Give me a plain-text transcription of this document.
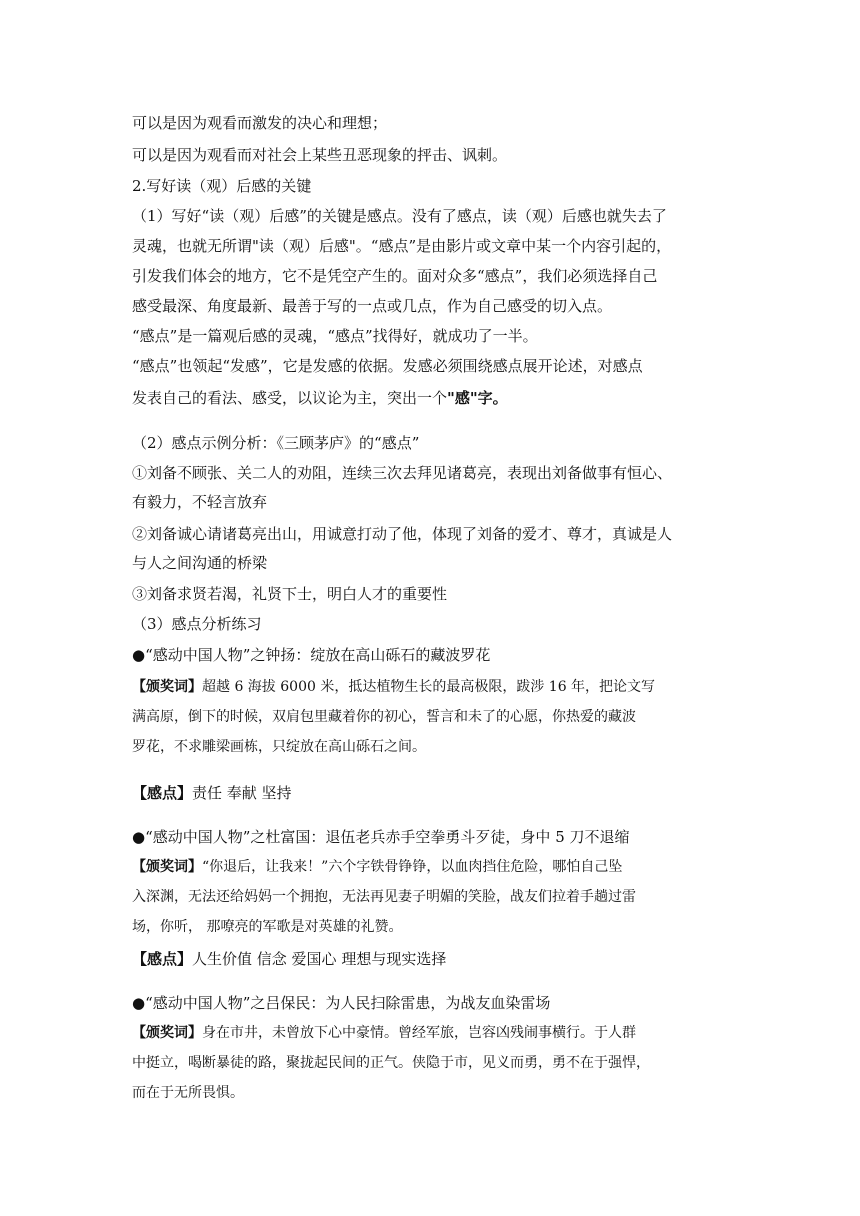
可以是因为观看而激发的决心和理想；

可以是因为观看而对社会上某些丑恶现象的抨击、讽刺。

2.写好读（观）后感的关键

（1）写好“读（观）后感”的关键是感点。没有了感点，读（观）后感也就失去了

灵魂，也就无所谓"读（观）后感"。“感点”是由影片或文章中某一个内容引起的，

引发我们体会的地方，它不是凭空产生的。面对众多“感点”，我们必须选择自己

感受最深、角度最新、最善于写的一点或几点，作为自己感受的切入点。

“感点”是一篇观后感的灵魂，“感点”找得好，就成功了一半。

“感点”也领起“发感”，它是发感的依据。发感必须围绕感点展开论述，对感点

发表自己的看法、感受，以议论为主，突出一个"感"字。

（2）感点示例分析：《三顾茅庐》的“感点”

①刘备不顾张、关二人的劝阻，连续三次去拜见诸葛亮，表现出刘备做事有恒心、

有毅力，不轻言放弃

②刘备诚心请诸葛亮出山，用诚意打动了他，体现了刘备的爱才、尊才，真诚是人

与人之间沟通的桥梁

③刘备求贤若渴，礼贤下士，明白人才的重要性

（3）感点分析练习

●“感动中国人物”之钟扬：绽放在高山砾石的藏波罗花

【颁奖词】超越 6 海拔 6000 米，抵达植物生长的最高极限，跋涉 16 年，把论文写

满高原，倒下的时候，双肩包里藏着你的初心，誓言和未了的心愿，你热爱的藏波

罗花，不求雕梁画栋，只绽放在高山砾石之间。

【感点】责任 奉献 坚持

●“感动中国人物”之杜富国：退伍老兵赤手空拳勇斗歹徒，身中 5 刀不退缩

【颁奖词】“你退后，让我来！”六个字铁骨铮铮，以血肉挡住危险，哪怕自己坠

入深渊，无法还给妈妈一个拥抱，无法再见妻子明媚的笑脸，战友们拉着手趟过雷

场，你听， 那嘹亮的军歌是对英雄的礼赞。

【感点】人生价值 信念 爱国心 理想与现实选择

●“感动中国人物”之吕保民：为人民扫除雷患，为战友血染雷场

【颁奖词】身在市井，未曾放下心中豪情。曾经军旅，岂容凶残闹事横行。于人群

中挺立，喝断暴徒的路，聚拢起民间的正气。侠隐于市，见义而勇，勇不在于强悍，

而在于无所畏惧。
